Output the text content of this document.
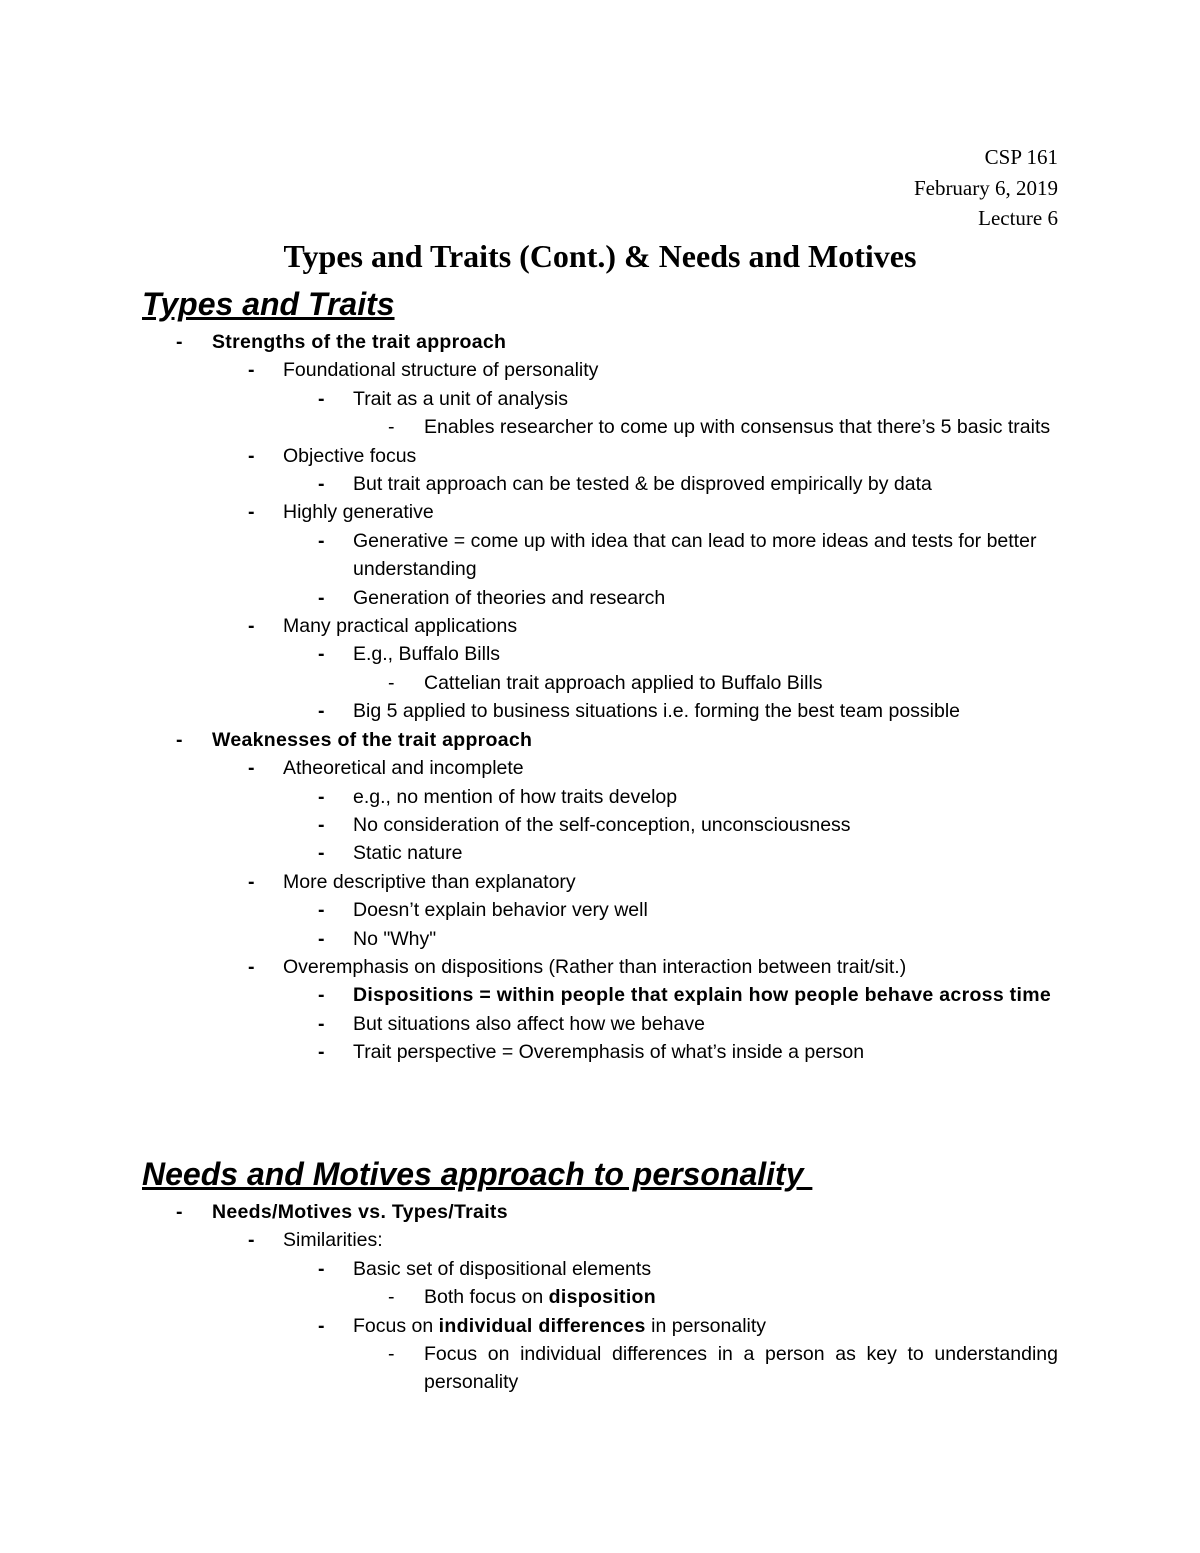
CSP 161
February 6, 2019
Lecture 6
Types and Traits (Cont.) & Needs and Motives
Types and Traits
- Strengths of the trait approach
- Foundational structure of personality
- Trait as a unit of analysis
- Enables researcher to come up with consensus that there’s 5 basic traits
- Objective focus
- But trait approach can be tested & be disproved empirically by data
- Highly generative
- Generative = come up with idea that can lead to more ideas and tests for better understanding
- Generation of theories and research
- Many practical applications
- E.g., Buffalo Bills
- Cattelian trait approach applied to Buffalo Bills
- Big 5 applied to business situations i.e. forming the best team possible
- Weaknesses of the trait approach
- Atheoretical and incomplete
- e.g., no mention of how traits develop
- No consideration of the self-conception, unconsciousness
- Static nature
- More descriptive than explanatory
- Doesn’t explain behavior very well
- No "Why"
- Overemphasis on dispositions (Rather than interaction between trait/sit.)
- Dispositions = within people that explain how people behave across time
- But situations also affect how we behave
- Trait perspective = Overemphasis of what’s inside a person
Needs and Motives approach to personality
- Needs/Motives vs. Types/Traits
- Similarities:
- Basic set of dispositional elements
- Both focus on disposition
- Focus on individual differences in personality
- Focus on individual differences in a person as key to understanding personality
